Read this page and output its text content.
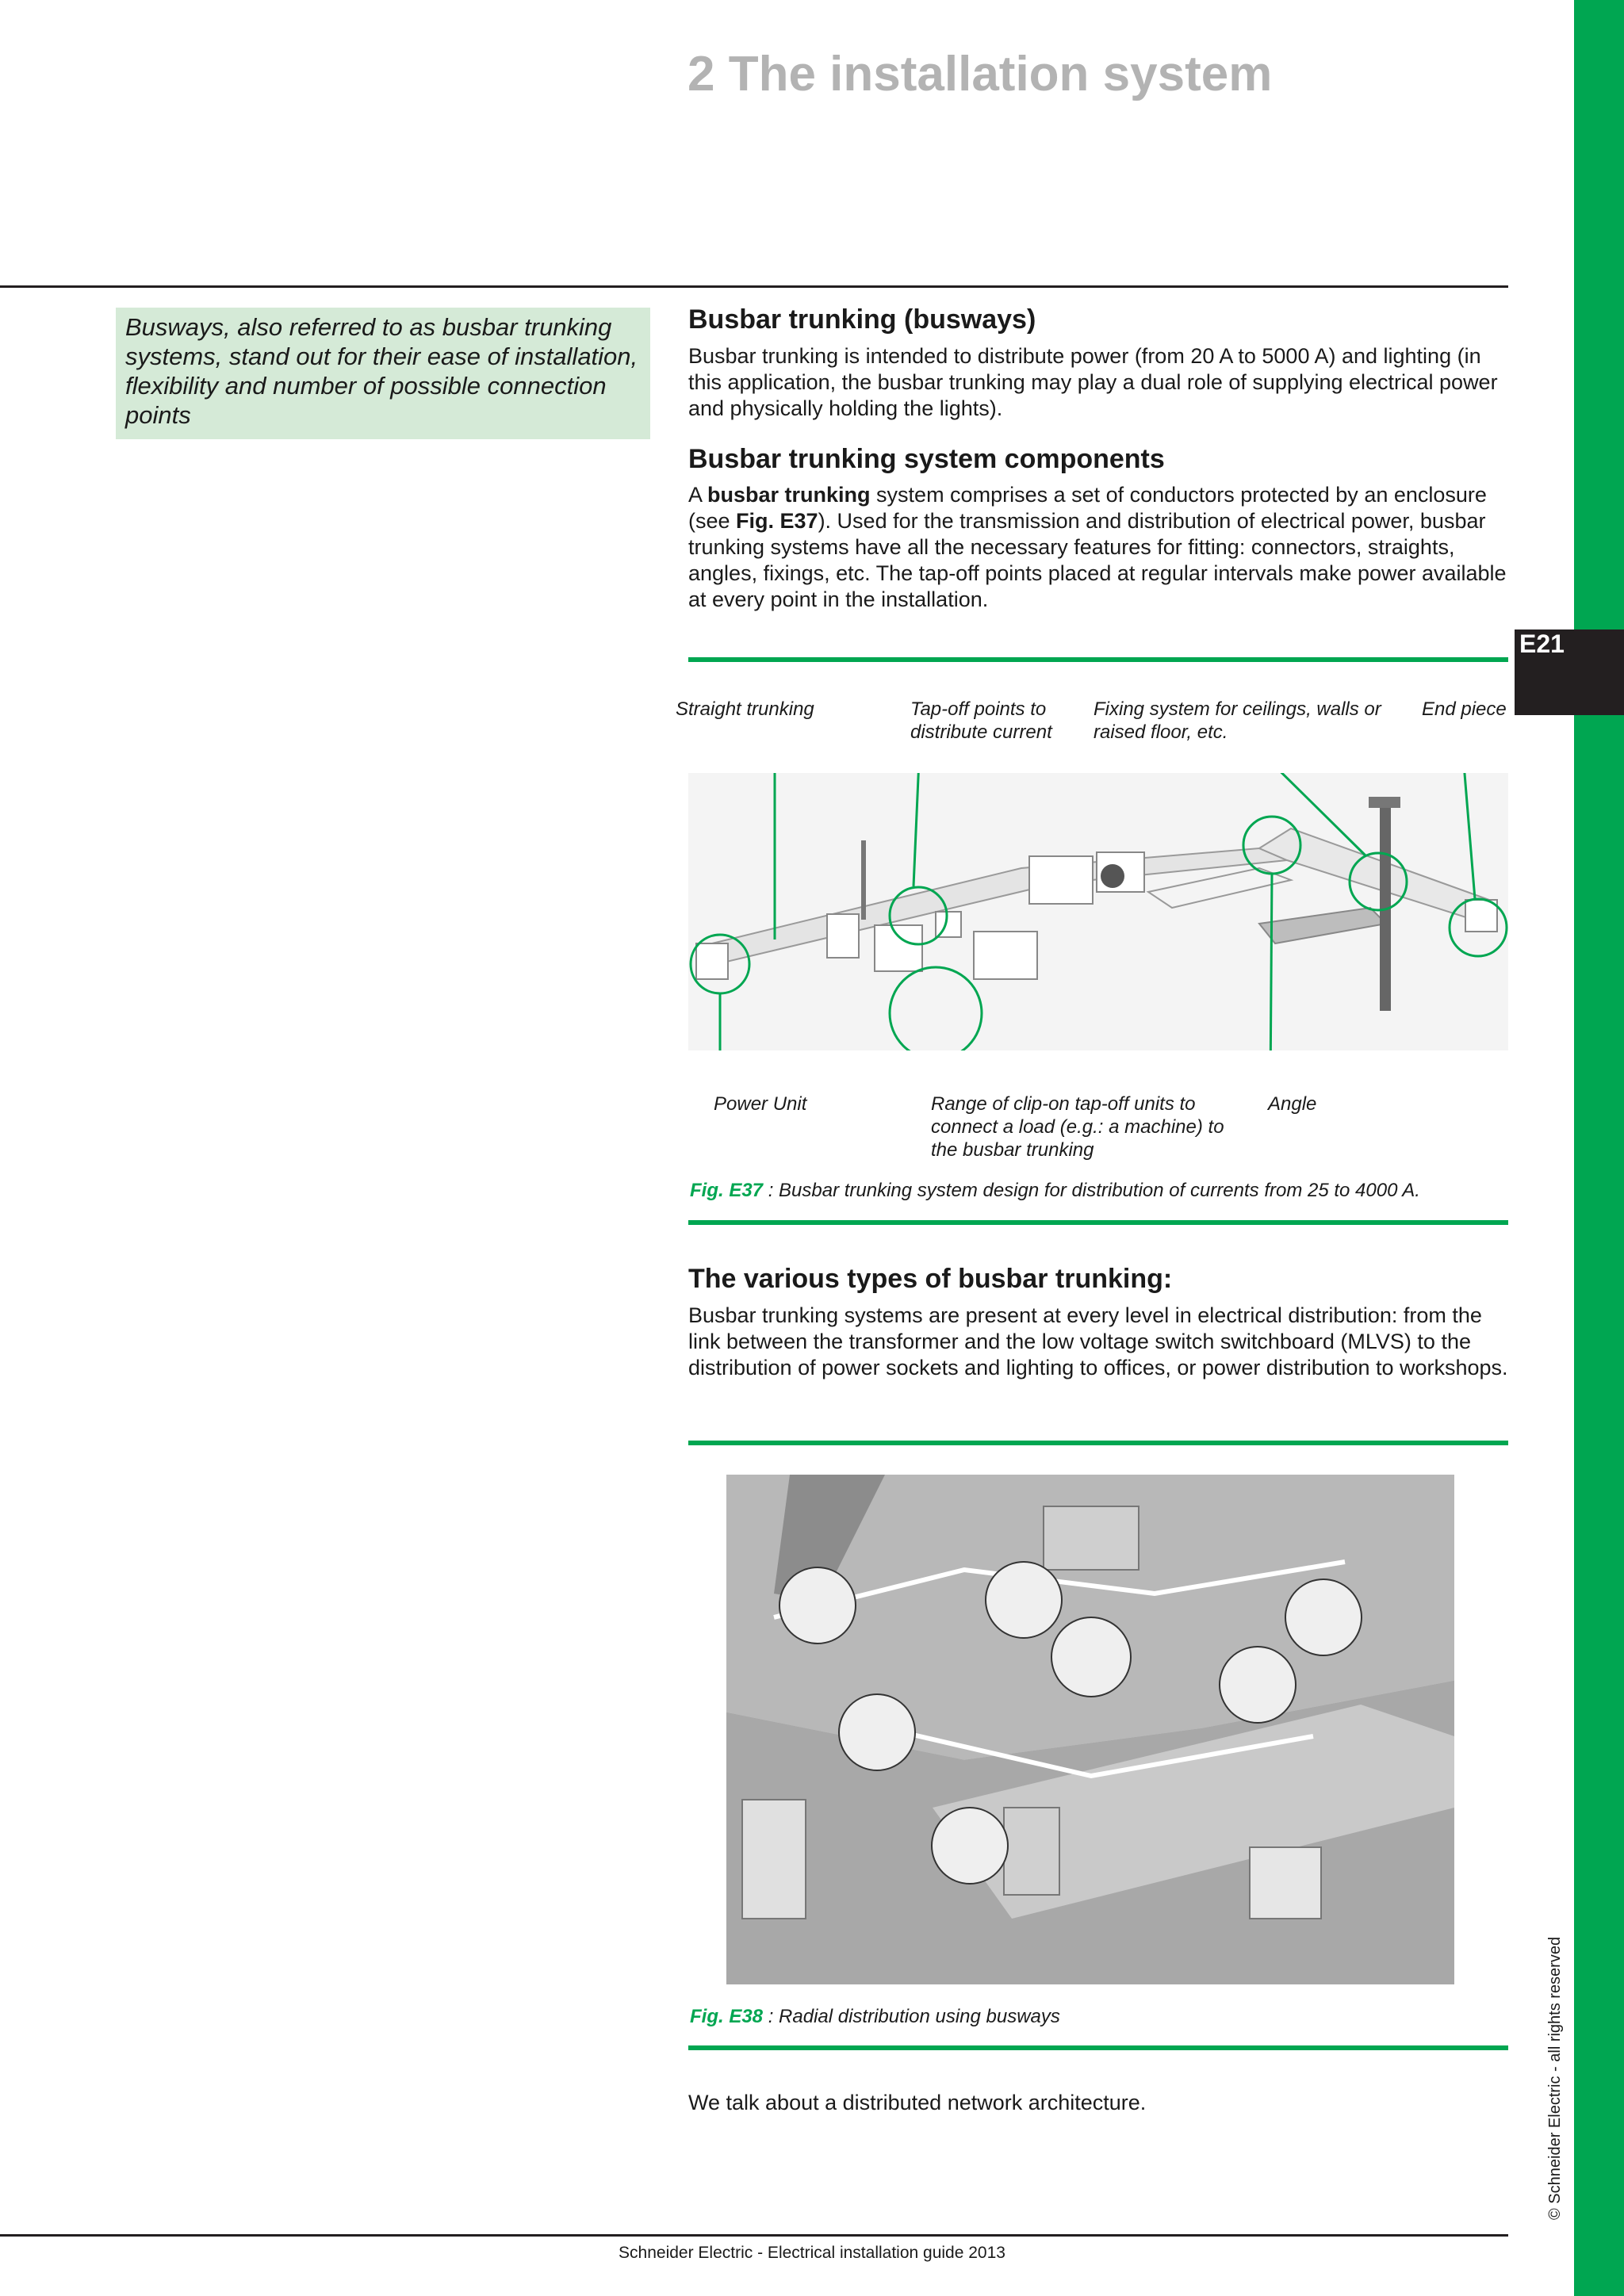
E21
© Schneider Electric - all rights reserved
2 The installation system
Busways, also referred to as busbar trunking systems, stand out for their ease of installation, flexibility and number of possible connection points
Busbar trunking (busways)

Busbar trunking is intended to distribute power (from 20 A to 5000 A) and lighting (in this application, the busbar trunking may play a dual role of supplying electrical power and physically holding the lights).

Busbar trunking system components

A busbar trunking system comprises a set of conductors protected by an enclosure (see Fig. E37). Used for the transmission and distribution of electrical power, busbar trunking systems have all the necessary features for fitting: connectors, straights, angles, fixings, etc. The tap-off points placed at regular intervals make power available at every point in the installation.

Straight trunking	Tap-off points to distribute current
Fixing system for ceilings, walls or raised floor, etc.
End piece
Power Unit	Range of clip-on tap-off units to connect a load (e.g.: a machine) to the busbar trunking
Angle
Fig. E37 : Busbar trunking system design for distribution of currents from 25 to 4000 A.
The various types of busbar trunking:

Busbar trunking systems are present at every level in electrical distribution: from the link between the transformer and the low voltage switch switchboard (MLVS) to the distribution of power sockets and lighting to offices, or power distribution to workshops.

Fig. E38 : Radial distribution using busways

We talk about a distributed network architecture.

Schneider Electric - Electrical installation guide 2013
